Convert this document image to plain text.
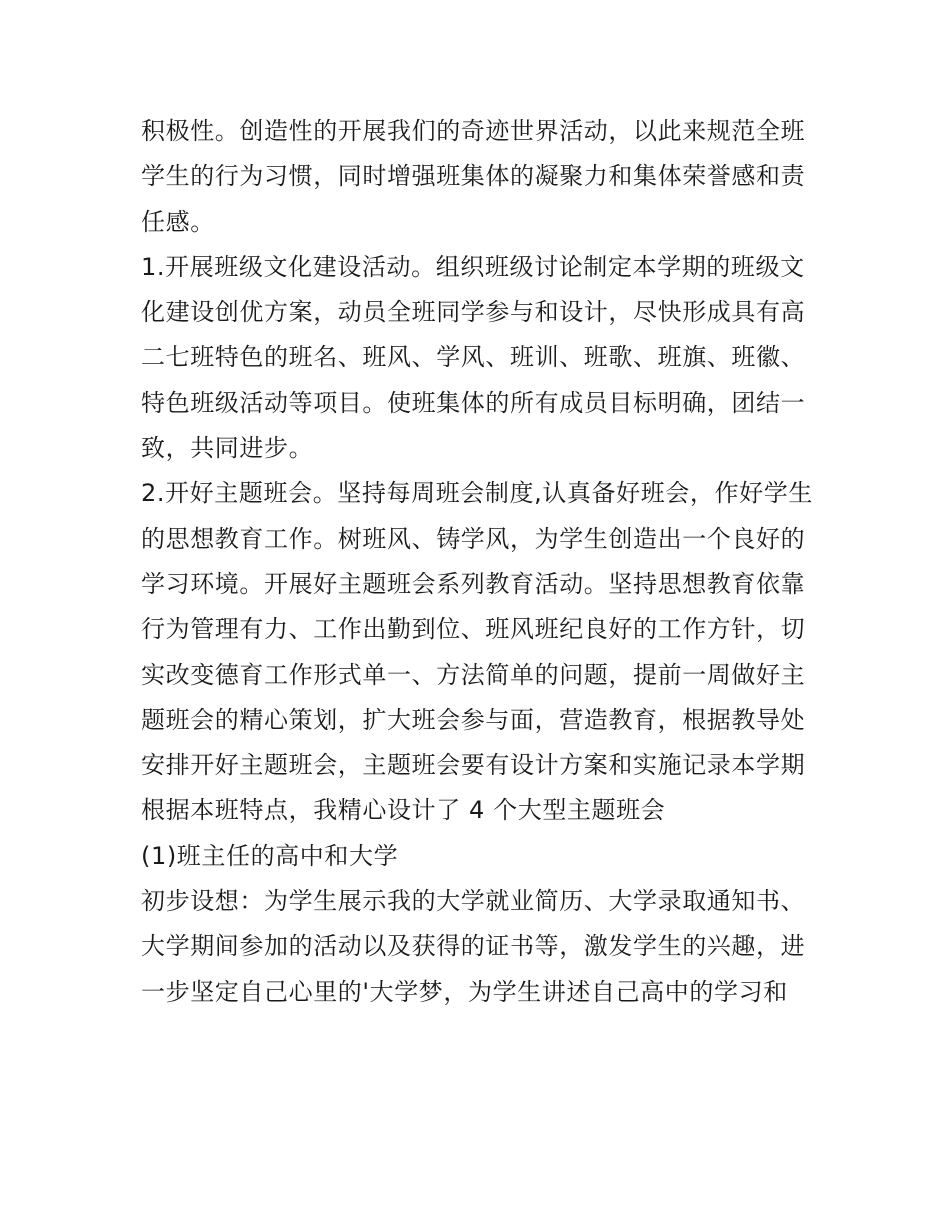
积极性。创造性的开展我们的奇迹世界活动，以此来规范全班
学生的行为习惯，同时增强班集体的凝聚力和集体荣誉感和责
任感。
1.开展班级文化建设活动。组织班级讨论制定本学期的班级文
化建设创优方案，动员全班同学参与和设计，尽快形成具有高
二七班特色的班名、班风、学风、班训、班歌、班旗、班徽、
特色班级活动等项目。使班集体的所有成员目标明确，团结一
致，共同进步。
2.开好主题班会。坚持每周班会制度,认真备好班会，作好学生
的思想教育工作。树班风、铸学风，为学生创造出一个良好的
学习环境。开展好主题班会系列教育活动。坚持思想教育依靠
行为管理有力、工作出勤到位、班风班纪良好的工作方针，切
实改变德育工作形式单一、方法简单的问题，提前一周做好主
题班会的精心策划，扩大班会参与面，营造教育，根据教导处
安排开好主题班会，主题班会要有设计方案和实施记录本学期
根据本班特点，我精心设计了 4 个大型主题班会
(1)班主任的高中和大学
初步设想：为学生展示我的大学就业简历、大学录取通知书、
大学期间参加的活动以及获得的证书等，激发学生的兴趣，进
一步坚定自己心里的'大学梦，为学生讲述自己高中的学习和
